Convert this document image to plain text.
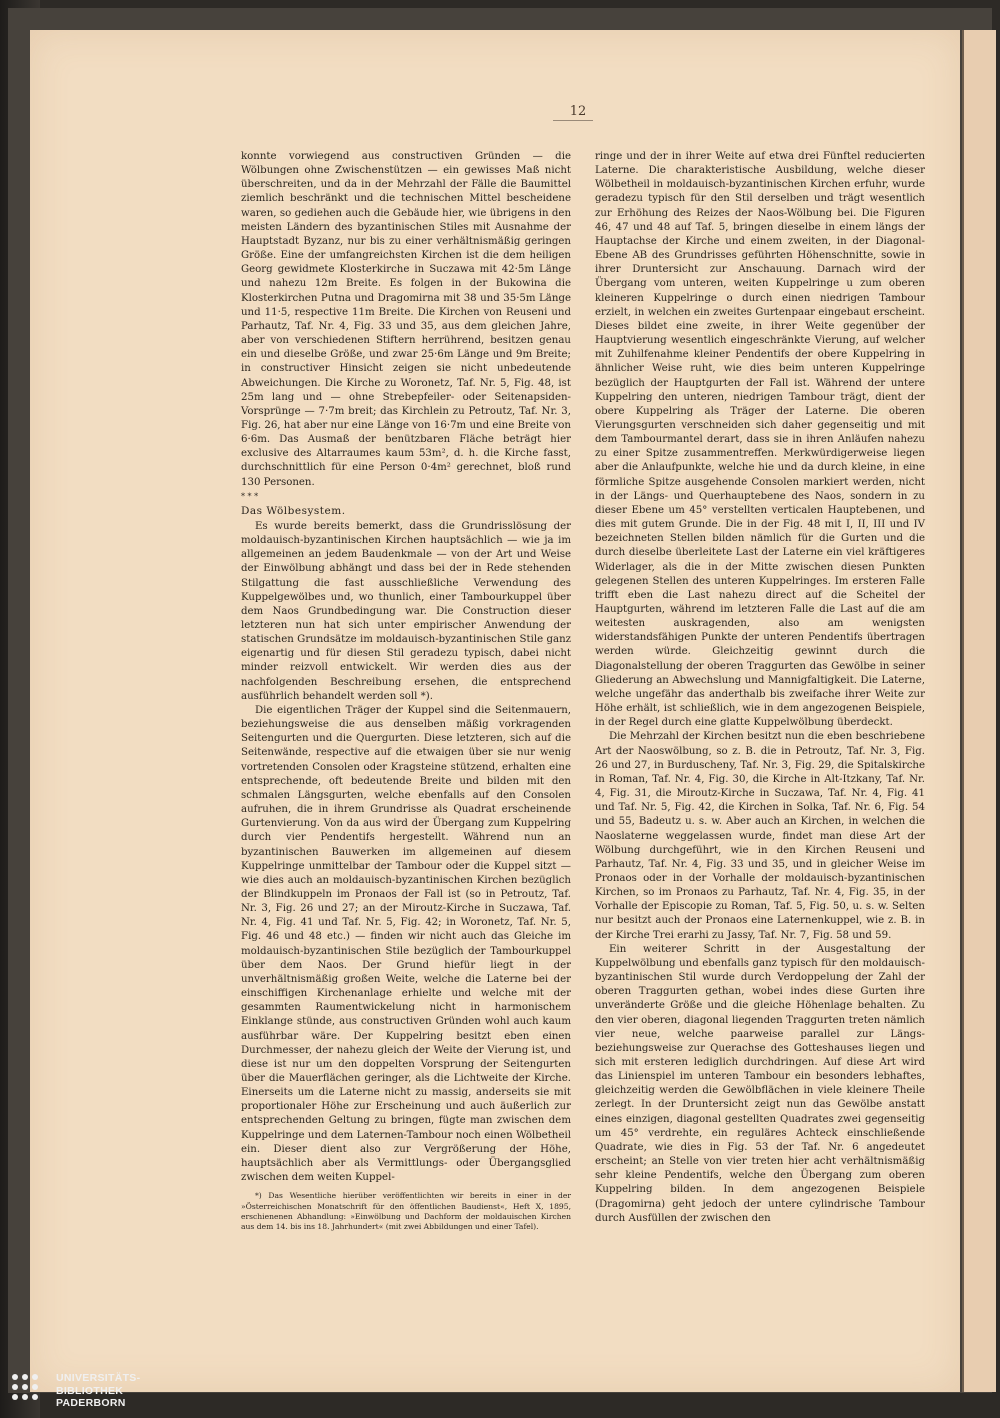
12

konnte vorwiegend aus constructiven Gründen — die Wölbungen ohne Zwischenstützen — ein gewisses Maß nicht überschreiten, und da in der Mehrzahl der Fälle die Baumittel ziemlich beschränkt und die technischen Mittel bescheidene waren, so gediehen auch die Gebäude hier, wie übrigens in den meisten Ländern des byzantinischen Stiles mit Ausnahme der Hauptstadt Byzanz, nur bis zu einer verhältnismäßig geringen Größe. Eine der umfangreichsten Kirchen ist die dem heiligen Georg gewidmete Klosterkirche in Suczawa mit 42·5m Länge und nahezu 12m Breite. Es folgen in der Bukowina die Klosterkirchen Putna und Dragomirna mit 38 und 35·5m Länge und 11·5, respective 11m Breite. Die Kirchen von Reuseni und Parhautz, Taf. Nr. 4, Fig. 33 und 35, aus dem gleichen Jahre, aber von verschiedenen Stiftern herrührend, besitzen genau ein und dieselbe Größe, und zwar 25·6m Länge und 9m Breite; in constructiver Hinsicht zeigen sie nicht unbedeutende Abweichungen. Die Kirche zu Woronetz, Taf. Nr. 5, Fig. 48, ist 25m lang und — ohne Strebepfeiler- oder Seitenapsiden-Vorsprünge — 7·7m breit; das Kirchlein zu Petroutz, Taf. Nr. 3, Fig. 26, hat aber nur eine Länge von 16·7m und eine Breite von 6·6m. Das Ausmaß der benützbaren Fläche beträgt hier exclusive des Altarraumes kaum 53m², d. h. die Kirche fasst, durchschnittlich für eine Person 0·4m² gerechnet, bloß rund 130 Personen.

* * *

Das Wölbesystem.

Es wurde bereits bemerkt, dass die Grundrisslösung der moldauisch-byzantinischen Kirchen hauptsächlich — wie ja im allgemeinen an jedem Baudenkmale — von der Art und Weise der Einwölbung abhängt und dass bei der in Rede stehenden Stilgattung die fast ausschließliche Verwendung des Kuppelgewölbes und, wo thunlich, einer Tambourkuppel über dem Naos Grundbedingung war. Die Construction dieser letzteren nun hat sich unter empirischer Anwendung der statischen Grundsätze im moldauisch-byzantinischen Stile ganz eigenartig und für diesen Stil geradezu typisch, dabei nicht minder reizvoll entwickelt. Wir werden dies aus der nachfolgenden Beschreibung ersehen, die entsprechend ausführlich behandelt werden soll *).

Die eigentlichen Träger der Kuppel sind die Seitenmauern, beziehungsweise die aus denselben mäßig vorkragenden Seitengurten und die Quergurten. Diese letzteren, sich auf die Seitenwände, respective auf die etwaigen über sie nur wenig vortretenden Consolen oder Kragsteine stützend, erhalten eine entsprechende, oft bedeutende Breite und bilden mit den schmalen Längsgurten, welche ebenfalls auf den Consolen aufruhen, die in ihrem Grundrisse als Quadrat erscheinende Gurtenvierung. Von da aus wird der Übergang zum Kuppelring durch vier Pendentifs hergestellt. Während nun an byzantinischen Bauwerken im allgemeinen auf diesem Kuppelringe unmittelbar der Tambour oder die Kuppel sitzt — wie dies auch an moldauisch-byzantinischen Kirchen bezüglich der Blindkuppeln im Pronaos der Fall ist (so in Petroutz, Taf. Nr. 3, Fig. 26 und 27; an der Miroutz-Kirche in Suczawa, Taf. Nr. 4, Fig. 41 und Taf. Nr. 5, Fig. 42; in Woronetz, Taf. Nr. 5, Fig. 46 und 48 etc.) — finden wir nicht auch das Gleiche im moldauisch-byzantinischen Stile bezüglich der Tambourkuppel über dem Naos. Der Grund hiefür liegt in der unverhältnismäßig großen Weite, welche die Laterne bei der einschiffigen Kirchenanlage erhielte und welche mit der gesammten Raumentwickelung nicht in harmonischem Einklange stünde, aus constructiven Gründen wohl auch kaum ausführbar wäre. Der Kuppelring besitzt eben einen Durchmesser, der nahezu gleich der Weite der Vierung ist, und diese ist nur um den doppelten Vorsprung der Seitengurten über die Mauerflächen geringer, als die Lichtweite der Kirche. Einerseits um die Laterne nicht zu massig, anderseits sie mit proportionaler Höhe zur Erscheinung und auch äußerlich zur entsprechenden Geltung zu bringen, fügte man zwischen dem Kuppelringe und dem Laternen-Tambour noch einen Wölbetheil ein. Dieser dient also zur Vergrößerung der Höhe, hauptsächlich aber als Vermittlungs- oder Übergangsglied zwischen dem weiten Kuppel-

*) Das Wesentliche hierüber veröffentlichten wir bereits in einer in der »Österreichischen Monatschrift für den öffentlichen Baudienst«, Heft X, 1895, erschienenen Abhandlung: »Einwölbung und Dachform der moldauischen Kirchen aus dem 14. bis ins 18. Jahrhundert« (mit zwei Abbildungen und einer Tafel).

ringe und der in ihrer Weite auf etwa drei Fünftel reducierten Laterne. Die charakteristische Ausbildung, welche dieser Wölbetheil in moldauisch-byzantinischen Kirchen erfuhr, wurde geradezu typisch für den Stil derselben und trägt wesentlich zur Erhöhung des Reizes der Naos-Wölbung bei. Die Figuren 46, 47 und 48 auf Taf. 5, bringen dieselbe in einem längs der Hauptachse der Kirche und einem zweiten, in der Diagonal-Ebene AB des Grundrisses geführten Höhenschnitte, sowie in ihrer Druntersicht zur Anschauung. Darnach wird der Übergang vom unteren, weiten Kuppelringe u zum oberen kleineren Kuppelringe o durch einen niedrigen Tambour erzielt, in welchen ein zweites Gurtenpaar eingebaut erscheint. Dieses bildet eine zweite, in ihrer Weite gegenüber der Hauptvierung wesentlich eingeschränkte Vierung, auf welcher mit Zuhilfenahme kleiner Pendentifs der obere Kuppelring in ähnlicher Weise ruht, wie dies beim unteren Kuppelringe bezüglich der Hauptgurten der Fall ist. Während der untere Kuppelring den unteren, niedrigen Tambour trägt, dient der obere Kuppelring als Träger der Laterne. Die oberen Vierungsgurten verschneiden sich daher gegenseitig und mit dem Tambourmantel derart, dass sie in ihren Anläufen nahezu zu einer Spitze zusammentreffen. Merkwürdigerweise liegen aber die Anlaufpunkte, welche hie und da durch kleine, in eine förmliche Spitze ausgehende Consolen markiert werden, nicht in der Längs- und Querhauptebene des Naos, sondern in zu dieser Ebene um 45° verstellten verticalen Hauptebenen, und dies mit gutem Grunde. Die in der Fig. 48 mit I, II, III und IV bezeichneten Stellen bilden nämlich für die Gurten und die durch dieselbe überleitete Last der Laterne ein viel kräftigeres Widerlager, als die in der Mitte zwischen diesen Punkten gelegenen Stellen des unteren Kuppelringes. Im ersteren Falle trifft eben die Last nahezu direct auf die Scheitel der Hauptgurten, während im letzteren Falle die Last auf die am weitesten auskragenden, also am wenigsten widerstandsfähigen Punkte der unteren Pendentifs übertragen werden würde. Gleichzeitig gewinnt durch die Diagonalstellung der oberen Traggurten das Gewölbe in seiner Gliederung an Abwechslung und Mannigfaltigkeit. Die Laterne, welche ungefähr das anderthalb bis zweifache ihrer Weite zur Höhe erhält, ist schließlich, wie in dem angezogenen Beispiele, in der Regel durch eine glatte Kuppelwölbung überdeckt.

Die Mehrzahl der Kirchen besitzt nun die eben beschriebene Art der Naoswölbung, so z. B. die in Petroutz, Taf. Nr. 3, Fig. 26 und 27, in Burduscheny, Taf. Nr. 3, Fig. 29, die Spitalskirche in Roman, Taf. Nr. 4, Fig. 30, die Kirche in Alt-Itzkany, Taf. Nr. 4, Fig. 31, die Miroutz-Kirche in Suczawa, Taf. Nr. 4, Fig. 41 und Taf. Nr. 5, Fig. 42, die Kirchen in Solka, Taf. Nr. 6, Fig. 54 und 55, Badeutz u. s. w. Aber auch an Kirchen, in welchen die Naoslaterne weggelassen wurde, findet man diese Art der Wölbung durchgeführt, wie in den Kirchen Reuseni und Parhautz, Taf. Nr. 4, Fig. 33 und 35, und in gleicher Weise im Pronaos oder in der Vorhalle der moldauisch-byzantinischen Kirchen, so im Pronaos zu Parhautz, Taf. Nr. 4, Fig. 35, in der Vorhalle der Episcopie zu Roman, Taf. 5, Fig. 50, u. s. w. Selten nur besitzt auch der Pronaos eine Laternenkuppel, wie z. B. in der Kirche Trei erarhi zu Jassy, Taf. Nr. 7, Fig. 58 und 59.

Ein weiterer Schritt in der Ausgestaltung der Kuppelwölbung und ebenfalls ganz typisch für den moldauisch-byzantinischen Stil wurde durch Verdoppelung der Zahl der oberen Traggurten gethan, wobei indes diese Gurten ihre unveränderte Größe und die gleiche Höhenlage behalten. Zu den vier oberen, diagonal liegenden Traggurten treten nämlich vier neue, welche paarweise parallel zur Längs- beziehungsweise zur Querachse des Gotteshauses liegen und sich mit ersteren lediglich durchdringen. Auf diese Art wird das Linienspiel im unteren Tambour ein besonders lebhaftes, gleichzeitig werden die Gewölbflächen in viele kleinere Theile zerlegt. In der Druntersicht zeigt nun das Gewölbe anstatt eines einzigen, diagonal gestellten Quadrates zwei gegenseitig um 45° verdrehte, ein reguläres Achteck einschließende Quadrate, wie dies in Fig. 53 der Taf. Nr. 6 angedeutet erscheint; an Stelle von vier treten hier acht verhältnismäßig sehr kleine Pendentifs, welche den Übergang zum oberen Kuppelring bilden. In dem angezogenen Beispiele (Dragomirna) geht jedoch der untere cylindrische Tambour durch Ausfüllen der zwischen den

UNIVERSITÄTS-
BIBLIOTHEK
PADERBORN
